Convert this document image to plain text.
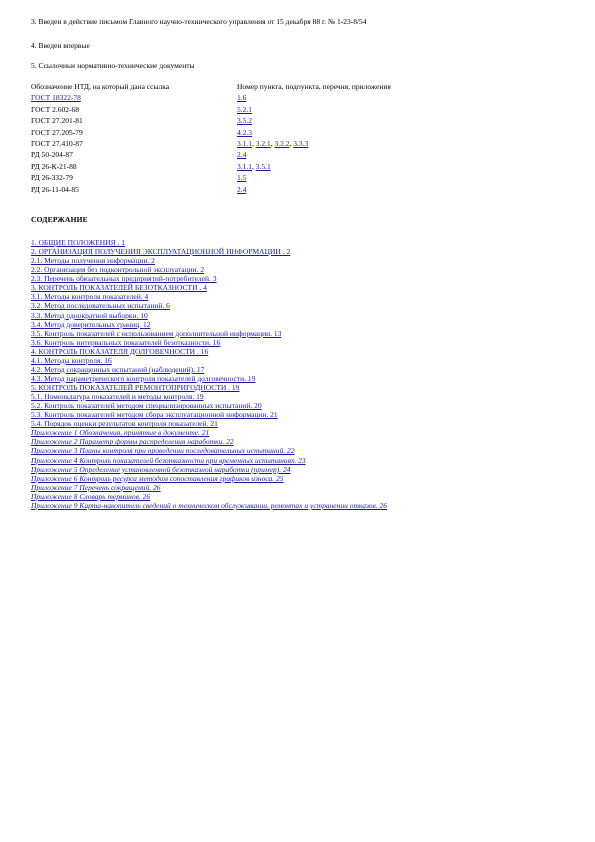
3. Введен в действие письмом Главного научно-технического управления от 15 декабря 88 г. № 1-23-8/54
4. Введен впервые
5. Ссылочные нормативно-технические документы
Обозначение НТД, на который дана ссылка	Номер пункта, подпункта, перечня, приложения
ГОСТ 18322-78	1.6
ГОСТ 2.602-68	5.2.1
ГОСТ 27.201-81	3.5.2
ГОСТ 27.205-79	4.2.3
ГОСТ 27.410-87	3.1.1, 3.2.1, 3.2.2, 3.3.3
РД 50-204-87	2.4
РД 26-К-21-88	3.1.1, 3.5.1
РД 26-332-79	1.5
РД 26-11-04-85	2.4
СОДЕРЖАНИЕ
1. ОБЩИЕ ПОЛОЖЕНИЯ . 1
2. ОРГАНИЗАЦИЯ ПОЛУЧЕНИЯ ЭКСПЛУАТАЦИОННОЙ ИНФОРМАЦИИ . 2
2.1. Методы получения информации. 2
2.2. Организация без подконтрольной эксплуатации. 2
2.3. Перечень обязательных предприятий-потребителей. 3
3. КОНТРОЛЬ ПОКАЗАТЕЛЕЙ БЕЗОТКАЗНОСТИ . 4
3.1. Методы контроля показателей. 4
3.2. Метод последовательных испытаний. 6
3.3. Метод однократной выборки. 10
3.4. Метод доверительных границ. 12
3.5. Контроль показателей с использованием дополнительной информации. 13
3.6. Контроль интервальных показателей безотказности. 16
4. КОНТРОЛЬ ПОКАЗАТЕЛЯ ДОЛГОВЕЧНОСТИ . 16
4.1. Методы контроля. 16
4.2. Метод сокращенных испытаний (наблюдений). 17
4.3. Метод параметрического контроля показателей долговечности. 19
5. КОНТРОЛЬ ПОКАЗАТЕЛЕЙ РЕМОНТОПРИГОДНОСТИ . 19
5.1. Номенклатура показателей и методы контроля. 19
5.2. Контроль показателей методом специализированных испытаний. 20
5.3. Контроль показателей методом сбора эксплуатационной информации. 21
5.4. Порядок оценки результатов контроля показателей. 21
Приложение 1 Обозначения, принятые в документе. 21
Приложение 2 Параметр формы распределения наработки. 22
Приложение 3 Планы контроля при проведении последовательных испытаний. 22
Приложение 4 Контроль показателей безотказности при временных испытаниях. 23
Приложение 5 Определение установленной безотказной наработки (пример). 24
Приложение 6 Контроль ресурса методом сопоставления графиков износа. 25
Приложение 7 Перечень сокращений. 26
Приложение 8 Словарь терминов. 26
Приложение 9 Карта-накопитель сведений о техническом обслуживании, ремонтах и устранении отказов. 26
